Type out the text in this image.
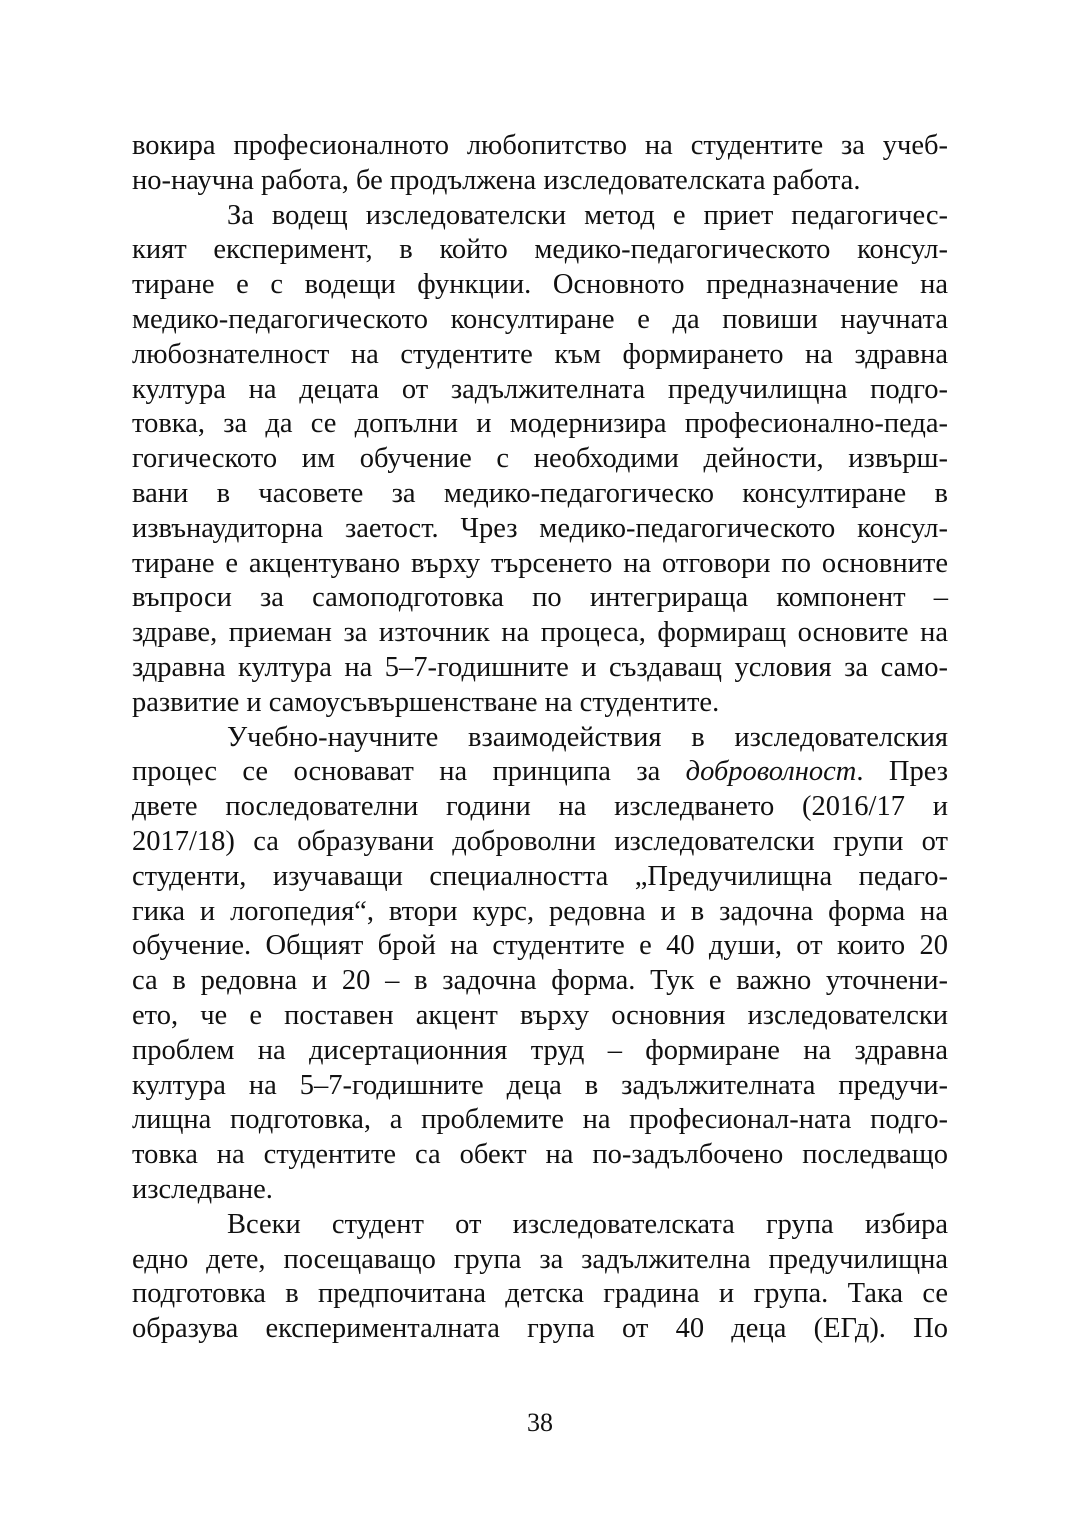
вокира професионалното любопитство на студентите за учеб-
но-научна работа, бе продължена изследователската работа.
За водещ изследователски метод е приет педагогичес-
кият експеримент, в който медико-педагогическото консул-
тиране е с водещи функции. Основното предназначение на
медико-педагогическото консултиране е да повиши научната
любознателност на студентите към формирането на здравна
култура на децата от задължителната предучилищна подго-
товка, за да се допълни и модернизира професионално-педа-
гогическото им обучение с необходими дейности, извърш-
вани в часовете за медико-педагогическо консултиране в
извънаудиторна заетост. Чрез медико-педагогическото консул-
тиране е акцентувано върху търсенето на отговори по основните
въпроси за самоподготовка по интегрираща компонент –
здраве, приеман за източник на процеса, формиращ основите на
здравна култура на 5–7-годишните и създаващ условия за само-
развитие и самоусъвършенстване на студентите.
Учебно-научните взаимодействия в изследователския
процес се основават на принципа за доброволност. През
двете последователни години на изследването (2016/17 и
2017/18) са образувани доброволни изследователски групи от
студенти, изучаващи специалността „Предучилищна педаго-
гика и логопедия“, втори курс, редовна и в задочна форма на
обучение. Общият брой на студентите е 40 души, от които 20
са в редовна и 20 – в задочна форма. Тук е важно уточнени-
ето, че е поставен акцент върху основния изследователски
проблем на дисертационния труд – формиране на здравна
култура на 5–7-годишните деца в задължителната предучи-
лищна подготовка, а проблемите на професионал-ната подго-
товка на студентите са обект на по-задълбочено последващо
изследване.
Всеки студент от изследователската група избира
едно дете, посещаващо група за задължителна предучилищна
подготовка в предпочитана детска градина и група. Така се
образува експерименталната група от 40 деца (ЕГд). По
38
